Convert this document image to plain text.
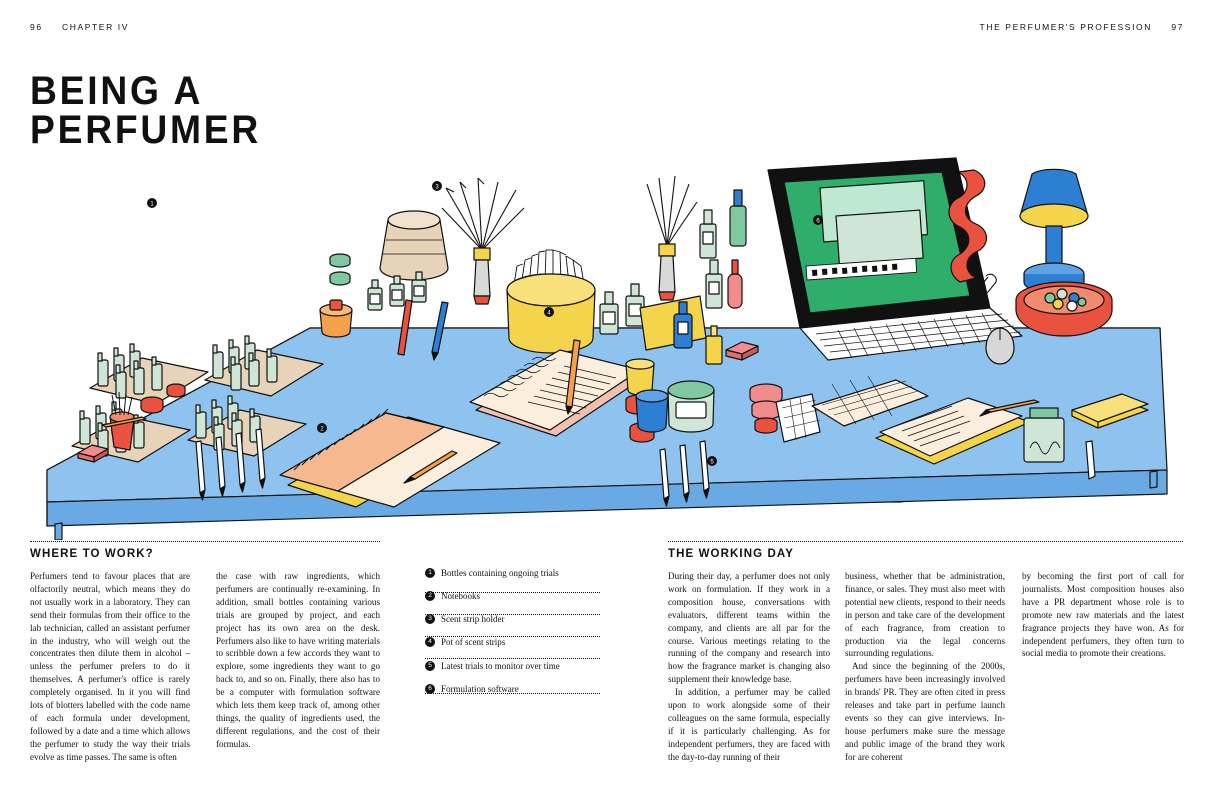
96 CHAPTER IV	THE PERFUMER'S PROFESSION 97
BEING A
PERFUMER
1
2
3
4
5
6
WHERE TO WORK?	THE WORKING DAY

Perfumers tend to favour places that are olfactorily neutral, which means they do not usually work in a laboratory. They can send their formulas from their office to the lab technician, called an assistant perfumer in the industry, who will weigh out the concentrates then dilute them in alcohol – unless the perfumer prefers to do it themselves. A perfumer's office is rarely completely organised. In it you will find lots of blotters labelled with the code name of each formula under development, followed by a date and a time which allows the perfumer to study the way their trials evolve as time passes. The same is often

the case with raw ingredients, which perfumers are continually re-examining. In addition, small bottles containing various trials are grouped by project, and each project has its own area on the desk. Perfumers also like to have writing materials to scribble down a few accords they want to explore, some ingredients they want to go back to, and so on. Finally, there also has to be a computer with formulation software which lets them keep track of, among other things, the quality of ingredients used, the different regulations, and the cost of their formulas.

1	Bottles containing ongoing trials
2	Notebooks
3	Scent strip holder
4	Pot of scent strips
5	Latest trials to monitor over time
6	Formulation software

During their day, a perfumer does not only work on formulation. If they work in a composition house, conversations with evaluators, different teams within the company, and clients are all par for the course. Various meetings relating to the running of the company and research into how the fragrance market is changing also supplement their knowledge base.

In addition, a perfumer may be called upon to work alongside some of their colleagues on the same formula, especially if it is particularly challenging. As for independent perfumers, they are faced with the day-to-day running of their

business, whether that be administration, finance, or sales. They must also meet with potential new clients, respond to their needs in person and take care of the development of each fragrance, from creation to production via the legal concerns surrounding regulations.

And since the beginning of the 2000s, perfumers have been increasingly involved in brands' PR. They are often cited in press releases and take part in perfume launch events so they can give interviews. In-house perfumers make sure the message and public image of the brand they work for are coherent

by becoming the first port of call for journalists. Most composition houses also have a PR department whose role is to promote new raw materials and the latest fragrance projects they have won. As for independent perfumers, they often turn to social media to promote their creations.
